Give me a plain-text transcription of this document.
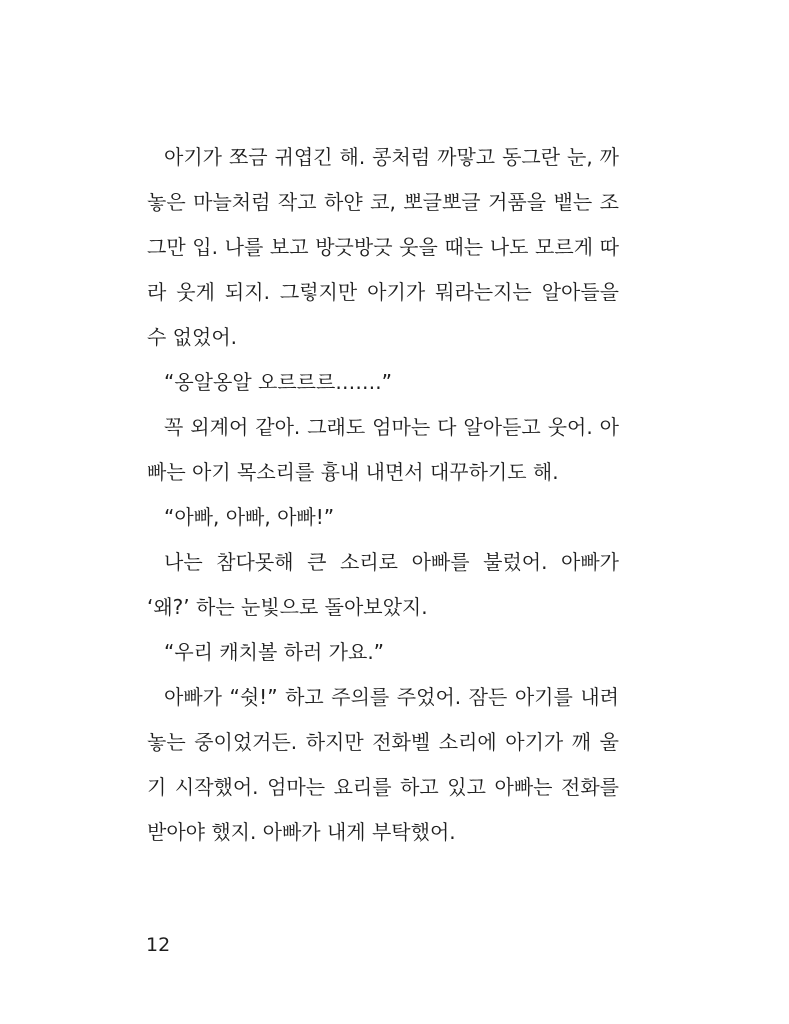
아기가 쪼금 귀엽긴 해. 콩처럼 까맣고 동그란 눈, 까
놓은 마늘처럼 작고 하얀 코, 뽀글뽀글 거품을 뱉는 조
그만 입. 나를 보고 방긋방긋 웃을 때는 나도 모르게 따
라 웃게 되지. 그렇지만 아기가 뭐라는지는 알아들을
수 없었어.
“옹알옹알 오르르르…….”
꼭 외계어 같아. 그래도 엄마는 다 알아듣고 웃어. 아
빠는 아기 목소리를 흉내 내면서 대꾸하기도 해.
“아빠, 아빠, 아빠!”
나는 참다못해 큰 소리로 아빠를 불렀어. 아빠가
‘왜?’ 하는 눈빛으로 돌아보았지.
“우리 캐치볼 하러 가요.”
아빠가 “쉿!” 하고 주의를 주었어. 잠든 아기를 내려
놓는 중이었거든. 하지만 전화벨 소리에 아기가 깨 울
기 시작했어. 엄마는 요리를 하고 있고 아빠는 전화를
받아야 했지. 아빠가 내게 부탁했어.
12
